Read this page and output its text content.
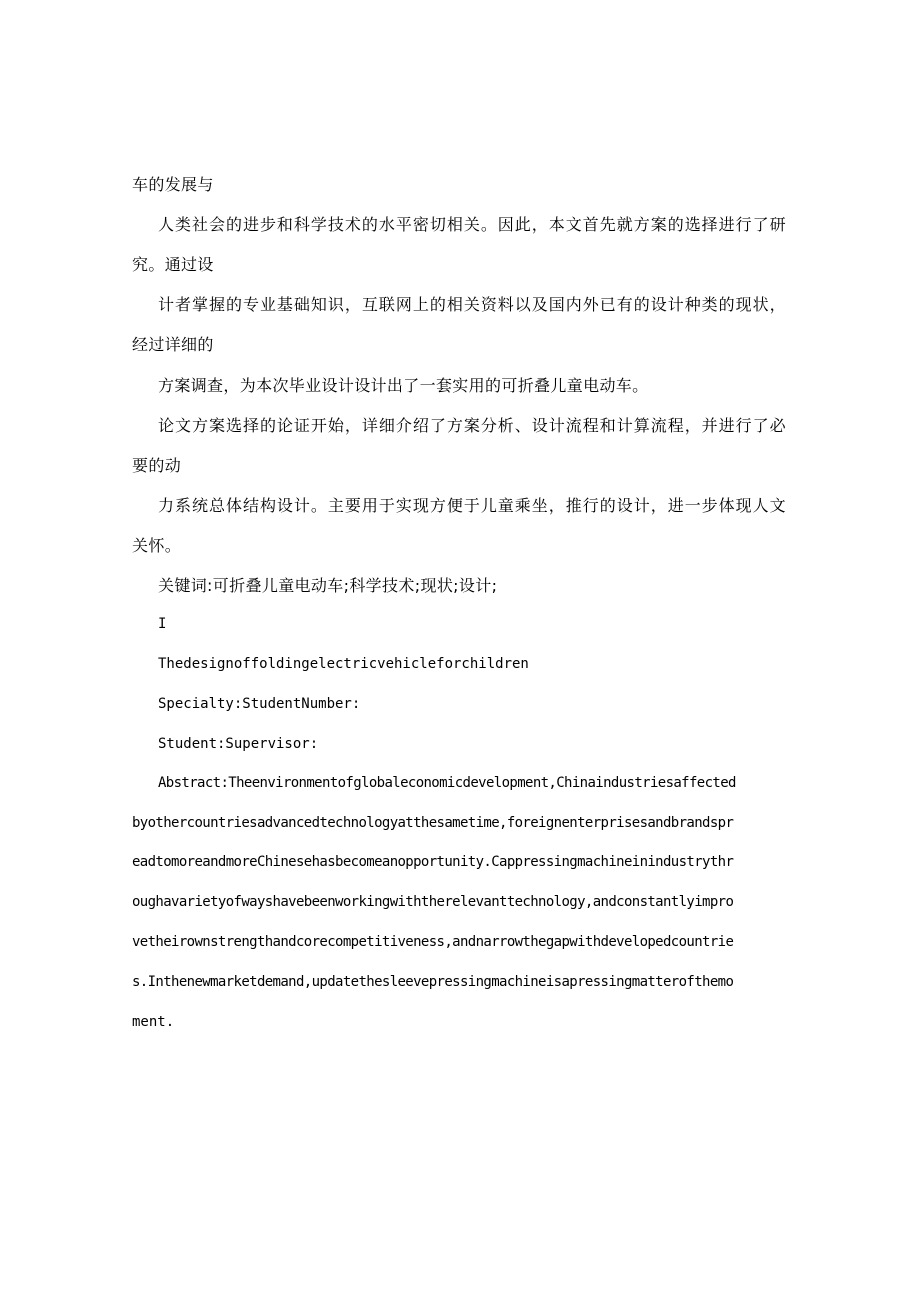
车的发展与
人类社会的进步和科学技术的水平密切相关。因此，本文首先就方案的选择进行了研
究。通过设
计者掌握的专业基础知识，互联网上的相关资料以及国内外已有的设计种类的现状，
经过详细的
方案调查，为本次毕业设计设计出了一套实用的可折叠儿童电动车。
论文方案选择的论证开始，详细介绍了方案分析、设计流程和计算流程，并进行了必
要的动
力系统总体结构设计。主要用于实现方便于儿童乘坐，推行的设计，进一步体现人文
关怀。
关键词:可折叠儿童电动车;科学技术;现状;设计;
I
Thedesignoffoldingelectricvehicleforchildren
Specialty:StudentNumber:
Student:Supervisor:
Abstract:Theenvironmentofglobaleconomicdevelopment,Chinaindustriesaffected
byothercountriesadvancedtechnologyatthesametime,foreignenterprisesandbrandspr
eadtomoreandmoreChinesehasbecomeanopportunity.Cappressingmachineinindustrythr
oughavarietyofwayshavebeenworkingwiththerelevanttechnology,andconstantlyimpro
vetheirownstrengthandcorecompetitiveness,andnarrowthegapwithdevelopedcountrie
s.Inthenewmarketdemand,updatethesleevepressingmachineisapressingmatterofthemo
ment.
